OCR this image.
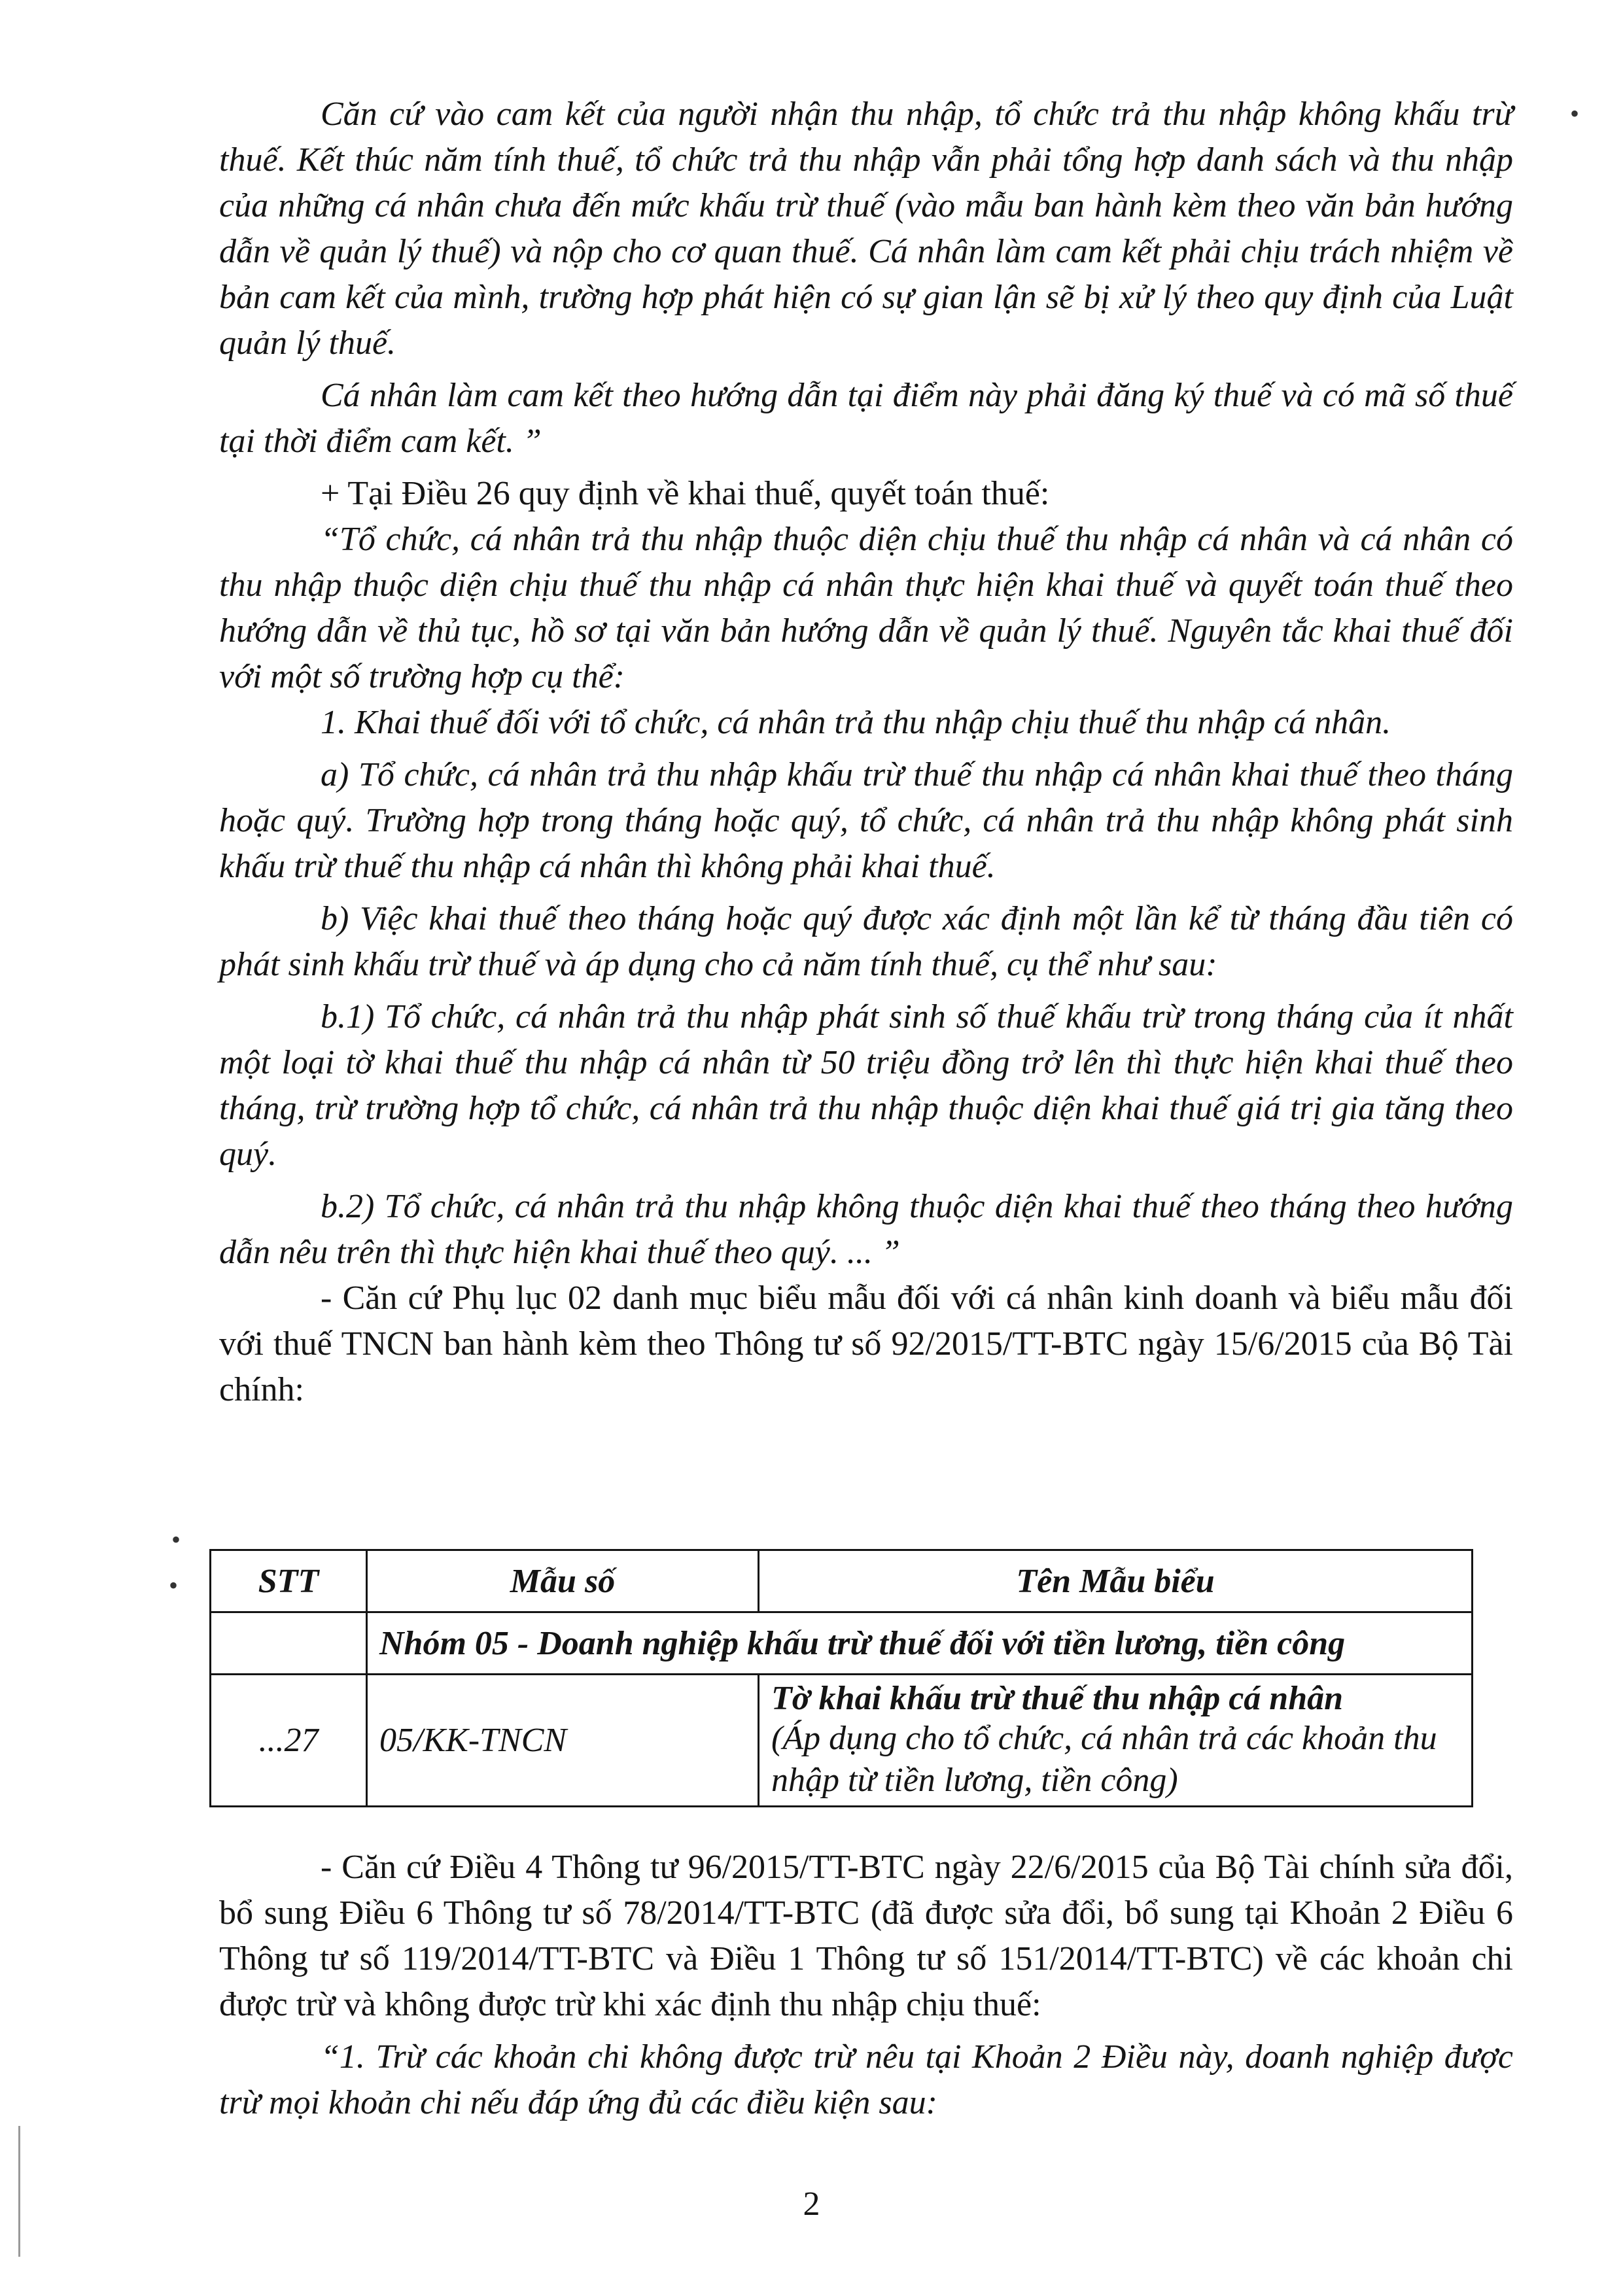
Căn cứ vào cam kết của người nhận thu nhập, tổ chức trả thu nhập không khấu trừ thuế. Kết thúc năm tính thuế, tổ chức trả thu nhập vẫn phải tổng hợp danh sách và thu nhập của những cá nhân chưa đến mức khấu trừ thuế (vào mẫu ban hành kèm theo văn bản hướng dẫn về quản lý thuế) và nộp cho cơ quan thuế. Cá nhân làm cam kết phải chịu trách nhiệm về bản cam kết của mình, trường hợp phát hiện có sự gian lận sẽ bị xử lý theo quy định của Luật quản lý thuế.

Cá nhân làm cam kết theo hướng dẫn tại điểm này phải đăng ký thuế và có mã số thuế tại thời điểm cam kết. ”

+ Tại Điều 26 quy định về khai thuế, quyết toán thuế:

“Tổ chức, cá nhân trả thu nhập thuộc diện chịu thuế thu nhập cá nhân và cá nhân có thu nhập thuộc diện chịu thuế thu nhập cá nhân thực hiện khai thuế và quyết toán thuế theo hướng dẫn về thủ tục, hồ sơ tại văn bản hướng dẫn về quản lý thuế. Nguyên tắc khai thuế đối với một số trường hợp cụ thể:

1. Khai thuế đối với tổ chức, cá nhân trả thu nhập chịu thuế thu nhập cá nhân.

a) Tổ chức, cá nhân trả thu nhập khấu trừ thuế thu nhập cá nhân khai thuế theo tháng hoặc quý. Trường hợp trong tháng hoặc quý, tổ chức, cá nhân trả thu nhập không phát sinh khấu trừ thuế thu nhập cá nhân thì không phải khai thuế.

b) Việc khai thuế theo tháng hoặc quý được xác định một lần kể từ tháng đầu tiên có phát sinh khấu trừ thuế và áp dụng cho cả năm tính thuế, cụ thể như sau:

b.1) Tổ chức, cá nhân trả thu nhập phát sinh số thuế khấu trừ trong tháng của ít nhất một loại tờ khai thuế thu nhập cá nhân từ 50 triệu đồng trở lên thì thực hiện khai thuế theo tháng, trừ trường hợp tổ chức, cá nhân trả thu nhập thuộc diện khai thuế giá trị gia tăng theo quý.

b.2) Tổ chức, cá nhân trả thu nhập không thuộc diện khai thuế theo tháng theo hướng dẫn nêu trên thì thực hiện khai thuế theo quý. ... ”

- Căn cứ Phụ lục 02 danh mục biểu mẫu đối với cá nhân kinh doanh và biểu mẫu đối với thuế TNCN ban hành kèm theo Thông tư số 92/2015/TT-BTC ngày 15/6/2015 của Bộ Tài chính:

STT	Mẫu số	Tên Mẫu biểu
	Nhóm 05 - Doanh nghiệp khấu trừ thuế đối với tiền lương, tiền công	
...27	05/KK-TNCN	Tờ khai khấu trừ thuế thu nhập cá nhân
(Áp dụng cho tổ chức, cá nhân trả các khoản thu nhập từ tiền lương, tiền công)

- Căn cứ Điều 4 Thông tư 96/2015/TT-BTC ngày 22/6/2015 của Bộ Tài chính sửa đổi, bổ sung Điều 6 Thông tư số 78/2014/TT-BTC (đã được sửa đổi, bổ sung tại Khoản 2 Điều 6 Thông tư số 119/2014/TT-BTC và Điều 1 Thông tư số 151/2014/TT-BTC) về các khoản chi được trừ và không được trừ khi xác định thu nhập chịu thuế:

“1. Trừ các khoản chi không được trừ nêu tại Khoản 2 Điều này, doanh nghiệp được trừ mọi khoản chi nếu đáp ứng đủ các điều kiện sau:

•
•
•
2
